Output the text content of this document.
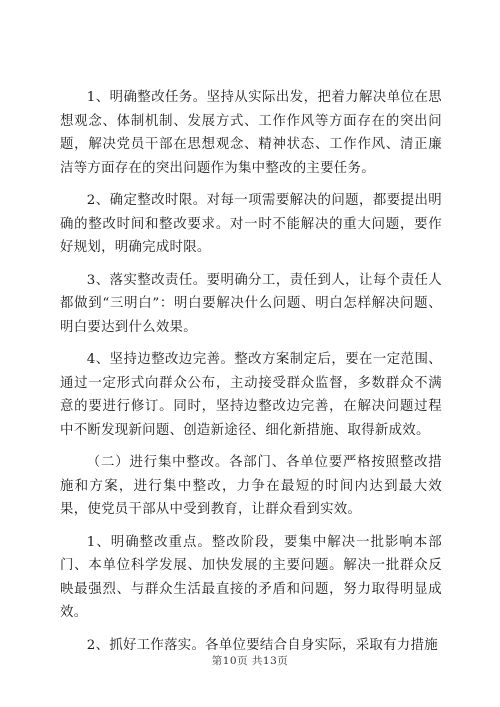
1、明确整改任务。坚持从实际出发，把着力解决单位在思想观念、体制机制、发展方式、工作作风等方面存在的突出问题，解决党员干部在思想观念、精神状态、工作作风、清正廉洁等方面存在的突出问题作为集中整改的主要任务。

2、确定整改时限。对每一项需要解决的问题，都要提出明确的整改时间和整改要求。对一时不能解决的重大问题，要作好规划，明确完成时限。

3、落实整改责任。要明确分工，责任到人，让每个责任人都做到“三明白”：明白要解决什么问题、明白怎样解决问题、明白要达到什么效果。

4、坚持边整改边完善。整改方案制定后，要在一定范围、通过一定形式向群众公布，主动接受群众监督，多数群众不满意的要进行修订。同时，坚持边整改边完善，在解决问题过程中不断发现新问题、创造新途径、细化新措施、取得新成效。

（二）进行集中整改。各部门、各单位要严格按照整改措施和方案，进行集中整改，力争在最短的时间内达到最大效果，使党员干部从中受到教育，让群众看到实效。

1、明确整改重点。整改阶段，要集中解决一批影响本部门、本单位科学发展、加快发展的主要问题。解决一批群众反映最强烈、与群众生活最直接的矛盾和问题，努力取得明显成效。

2、抓好工作落实。各单位要结合自身实际，采取有力措施

第10页 共13页
